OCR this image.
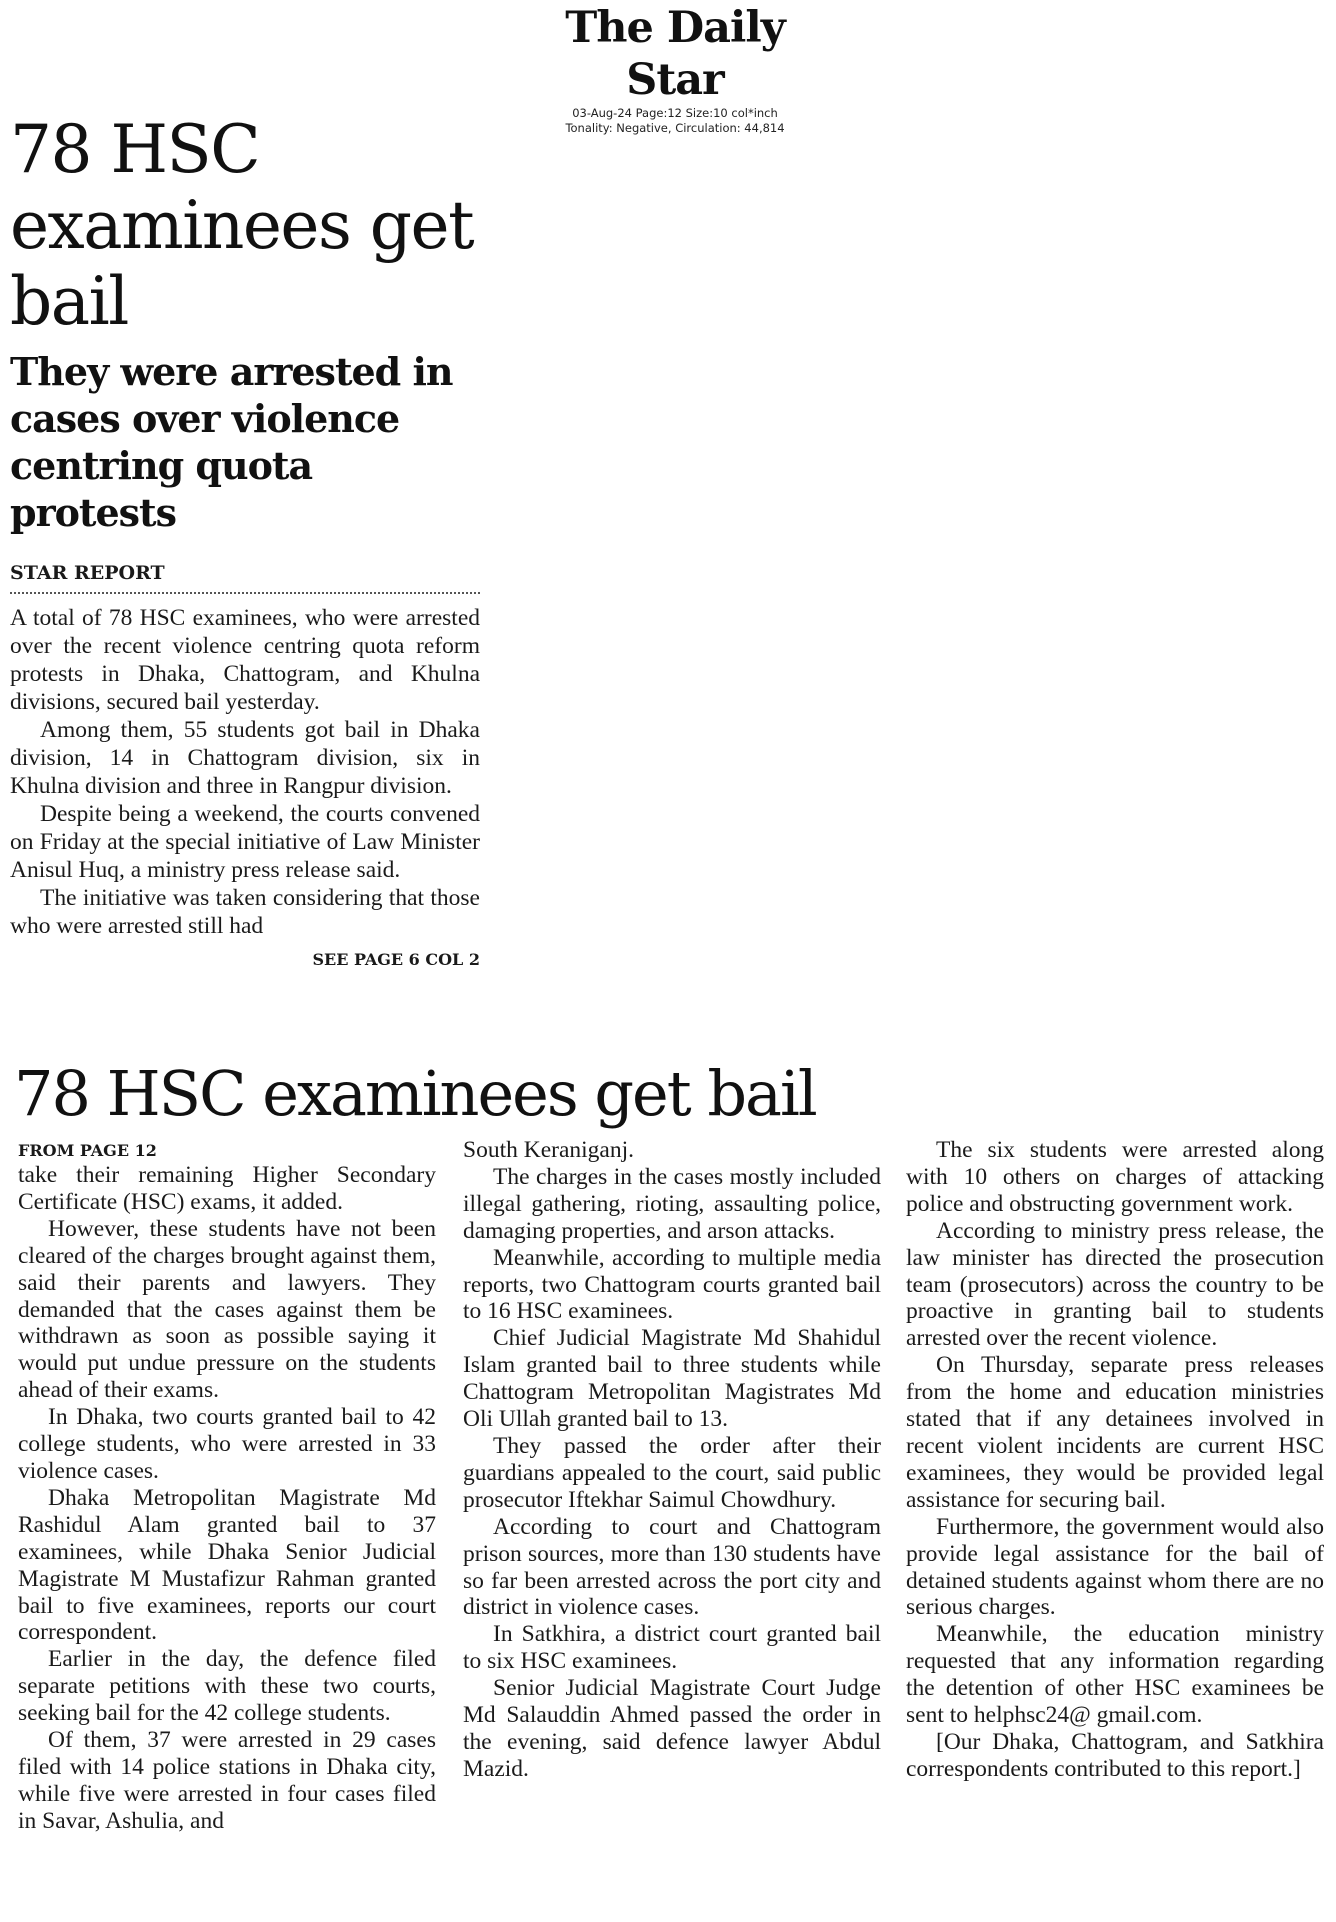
The Daily Star
03-Aug-24 Page:12 Size:10 col*inch
Tonality: Negative, Circulation: 44,814
78 HSC examinees get bail
They were arrested in cases over violence centring quota protests
STAR REPORT

A total of 78 HSC examinees, who were arrested over the recent violence centring quota reform protests in Dhaka, Chattogram, and Khulna divisions, secured bail yesterday.

Among them, 55 students got bail in Dhaka division, 14 in Chattogram division, six in Khulna division and three in Rangpur division.

Despite being a weekend, the courts convened on Friday at the special initiative of Law Minister Anisul Huq, a ministry press release said.

The initiative was taken considering that those who were arrested still had

SEE PAGE 6 COL 2
78 HSC examinees get bail
FROM PAGE 12

take their remaining Higher Secondary Certificate (HSC) exams, it added.

However, these students have not been cleared of the charges brought against them, said their parents and lawyers. They demanded that the cases against them be withdrawn as soon as possible saying it would put undue pressure on the students ahead of their exams.

In Dhaka, two courts granted bail to 42 college students, who were arrested in 33 violence cases.

Dhaka Metropolitan Magistrate Md Rashidul Alam granted bail to 37 examinees, while Dhaka Senior Judicial Magistrate M Mustafizur Rahman granted bail to five examinees, reports our court correspondent.

Earlier in the day, the defence filed separate petitions with these two courts, seeking bail for the 42 college students.

Of them, 37 were arrested in 29 cases filed with 14 police stations in Dhaka city, while five were arrested in four cases filed in Savar, Ashulia, and

South Keraniganj.

The charges in the cases mostly included illegal gathering, rioting, assaulting police, damaging properties, and arson attacks.

Meanwhile, according to multiple media reports, two Chattogram courts granted bail to 16 HSC examinees.

Chief Judicial Magistrate Md Shahidul Islam granted bail to three students while Chattogram Metropolitan Magistrates Md Oli Ullah granted bail to 13.

They passed the order after their guardians appealed to the court, said public prosecutor Iftekhar Saimul Chowdhury.

According to court and Chattogram prison sources, more than 130 students have so far been arrested across the port city and district in violence cases.

In Satkhira, a district court granted bail to six HSC examinees.

Senior Judicial Magistrate Court Judge Md Salauddin Ahmed passed the order in the evening, said defence lawyer Abdul Mazid.

The six students were arrested along with 10 others on charges of attacking police and obstructing government work.

According to ministry press release, the law minister has directed the prosecution team (prosecutors) across the country to be proactive in granting bail to students arrested over the recent violence.

On Thursday, separate press releases from the home and education ministries stated that if any detainees involved in recent violent incidents are current HSC examinees, they would be provided legal assistance for securing bail.

Furthermore, the government would also provide legal assistance for the bail of detained students against whom there are no serious charges.

Meanwhile, the education ministry requested that any information regarding the detention of other HSC examinees be sent to helphsc24@ gmail.com.

[Our Dhaka, Chattogram, and Satkhira correspondents contributed to this report.]
